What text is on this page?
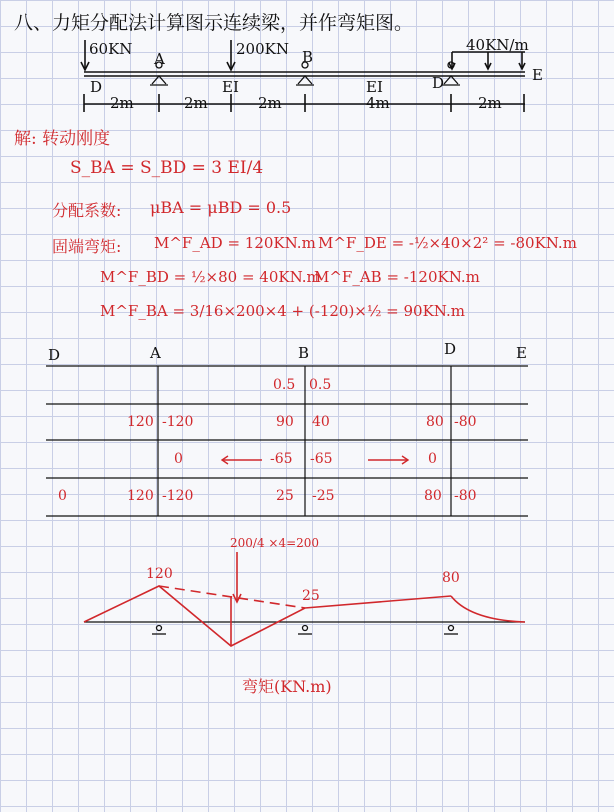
八、力矩分配法计算图示连续梁，并作弯矩图。
60KN	200KN	40KN/m
D
A	B
D	E
EI	EI
2m	2m	2m	4m	2m
解: 转动刚度
S_BA = S_BD = 3 EI/4
分配系数: μBA = μBD = 0.5
固端弯矩: M^F_AD = 120KN.m M^F_DE = -½×40×2² = -80KN.m
M^F_BD = ½×80 = 40KN.m
M^F_AB = -120KN.m
M^F_BA = 3/16×200×4 + (-120)×½ = 90KN.m
D	A	B	D	E
0.5 0.5
120 -120	90 40	80 -80
0	-65 -65	0
0	120 -120	25 -25	80 -80
120
25
80
200/4 ×4=200
弯矩(KN.m)
